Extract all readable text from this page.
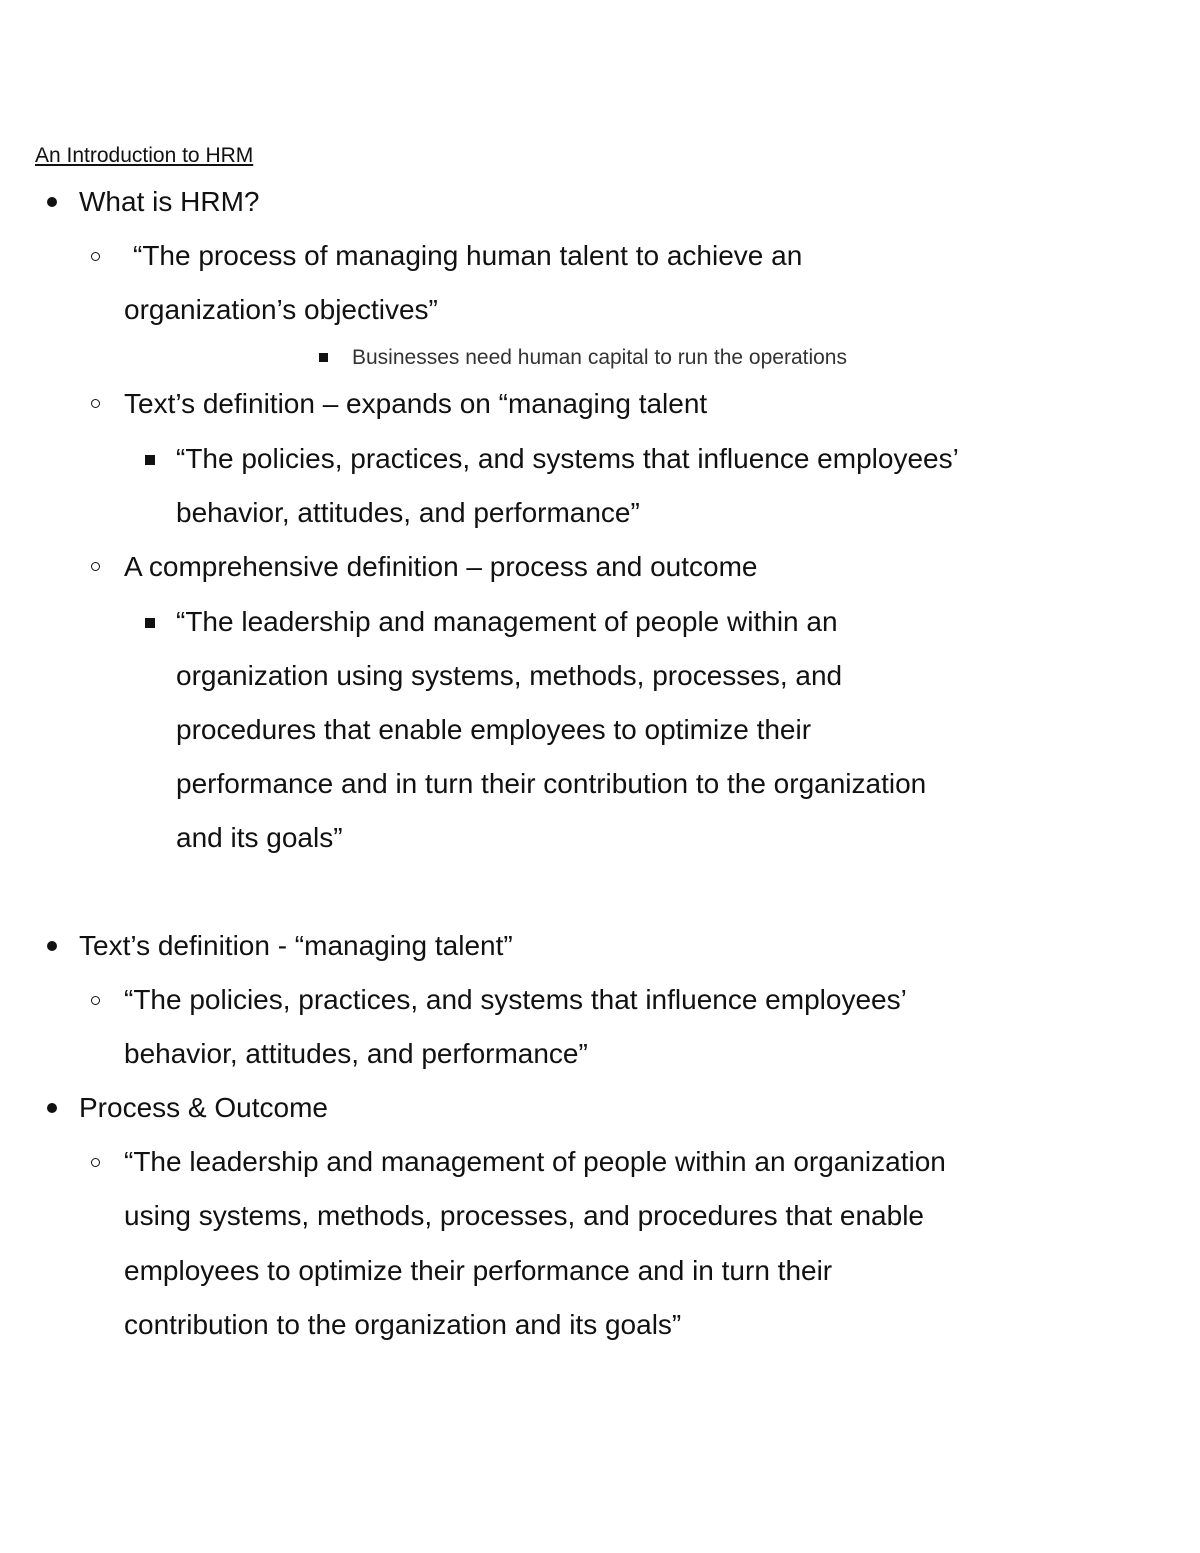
An Introduction to HRM
What is HRM?
“The process of managing human talent to achieve an
organization’s objectives”
Businesses need human capital to run the operations
Text’s definition – expands on “managing talent
“The policies, practices, and systems that influence employees’
behavior, attitudes, and performance”
A comprehensive definition – process and outcome
“The leadership and management of people within an
organization using systems, methods, processes, and
procedures that enable employees to optimize their
performance and in turn their contribution to the organization
and its goals”
Text’s definition - “managing talent”
“The policies, practices, and systems that influence employees’
behavior, attitudes, and performance”
Process & Outcome
“The leadership and management of people within an organization
using systems, methods, processes, and procedures that enable
employees to optimize their performance and in turn their
contribution to the organization and its goals”
